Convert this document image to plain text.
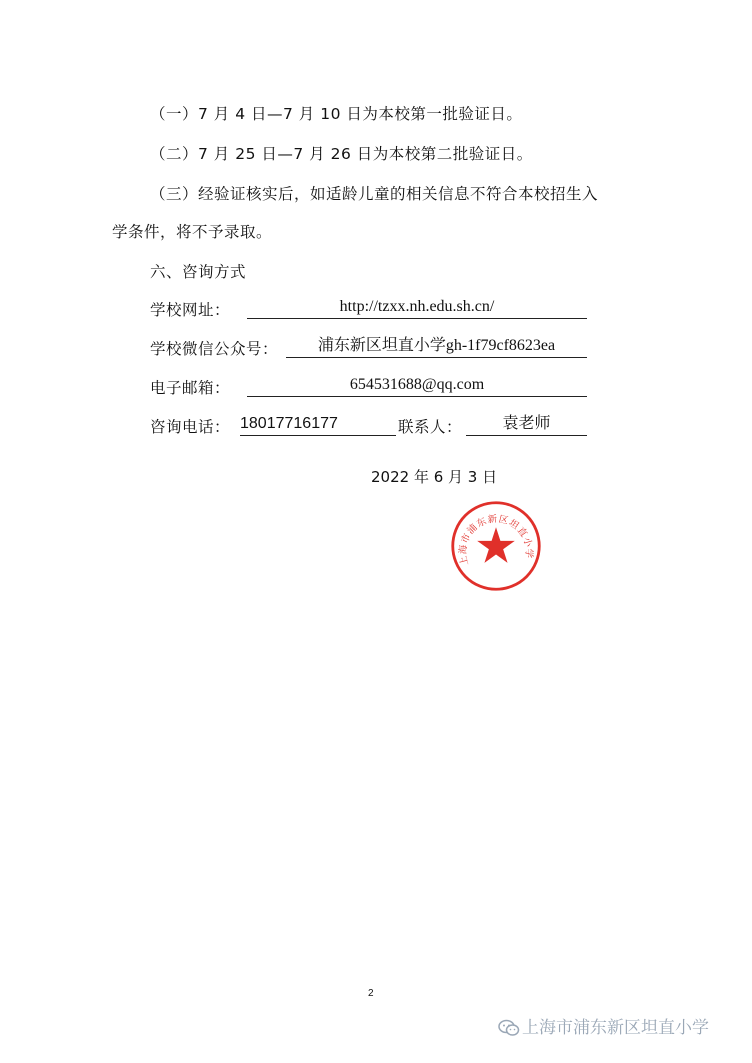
（一）7 月 4 日—7 月 10 日为本校第一批验证日。
（二）7 月 25 日—7 月 26 日为本校第二批验证日。
（三）经验证核实后，如适龄儿童的相关信息不符合本校招生入
学条件，将不予录取。
六、咨询方式
学校网址：	http://tzxx.nh.edu.sh.cn/
学校微信公众号：	浦东新区坦直小学gh-1f79cf8623ea
电子邮箱：	654531688@qq.com
咨询电话： 18017716177	联系人：	袁老师
2022 年 6 月 3 日
上海市浦东新区坦直小学
2
上海市浦东新区坦直小学
